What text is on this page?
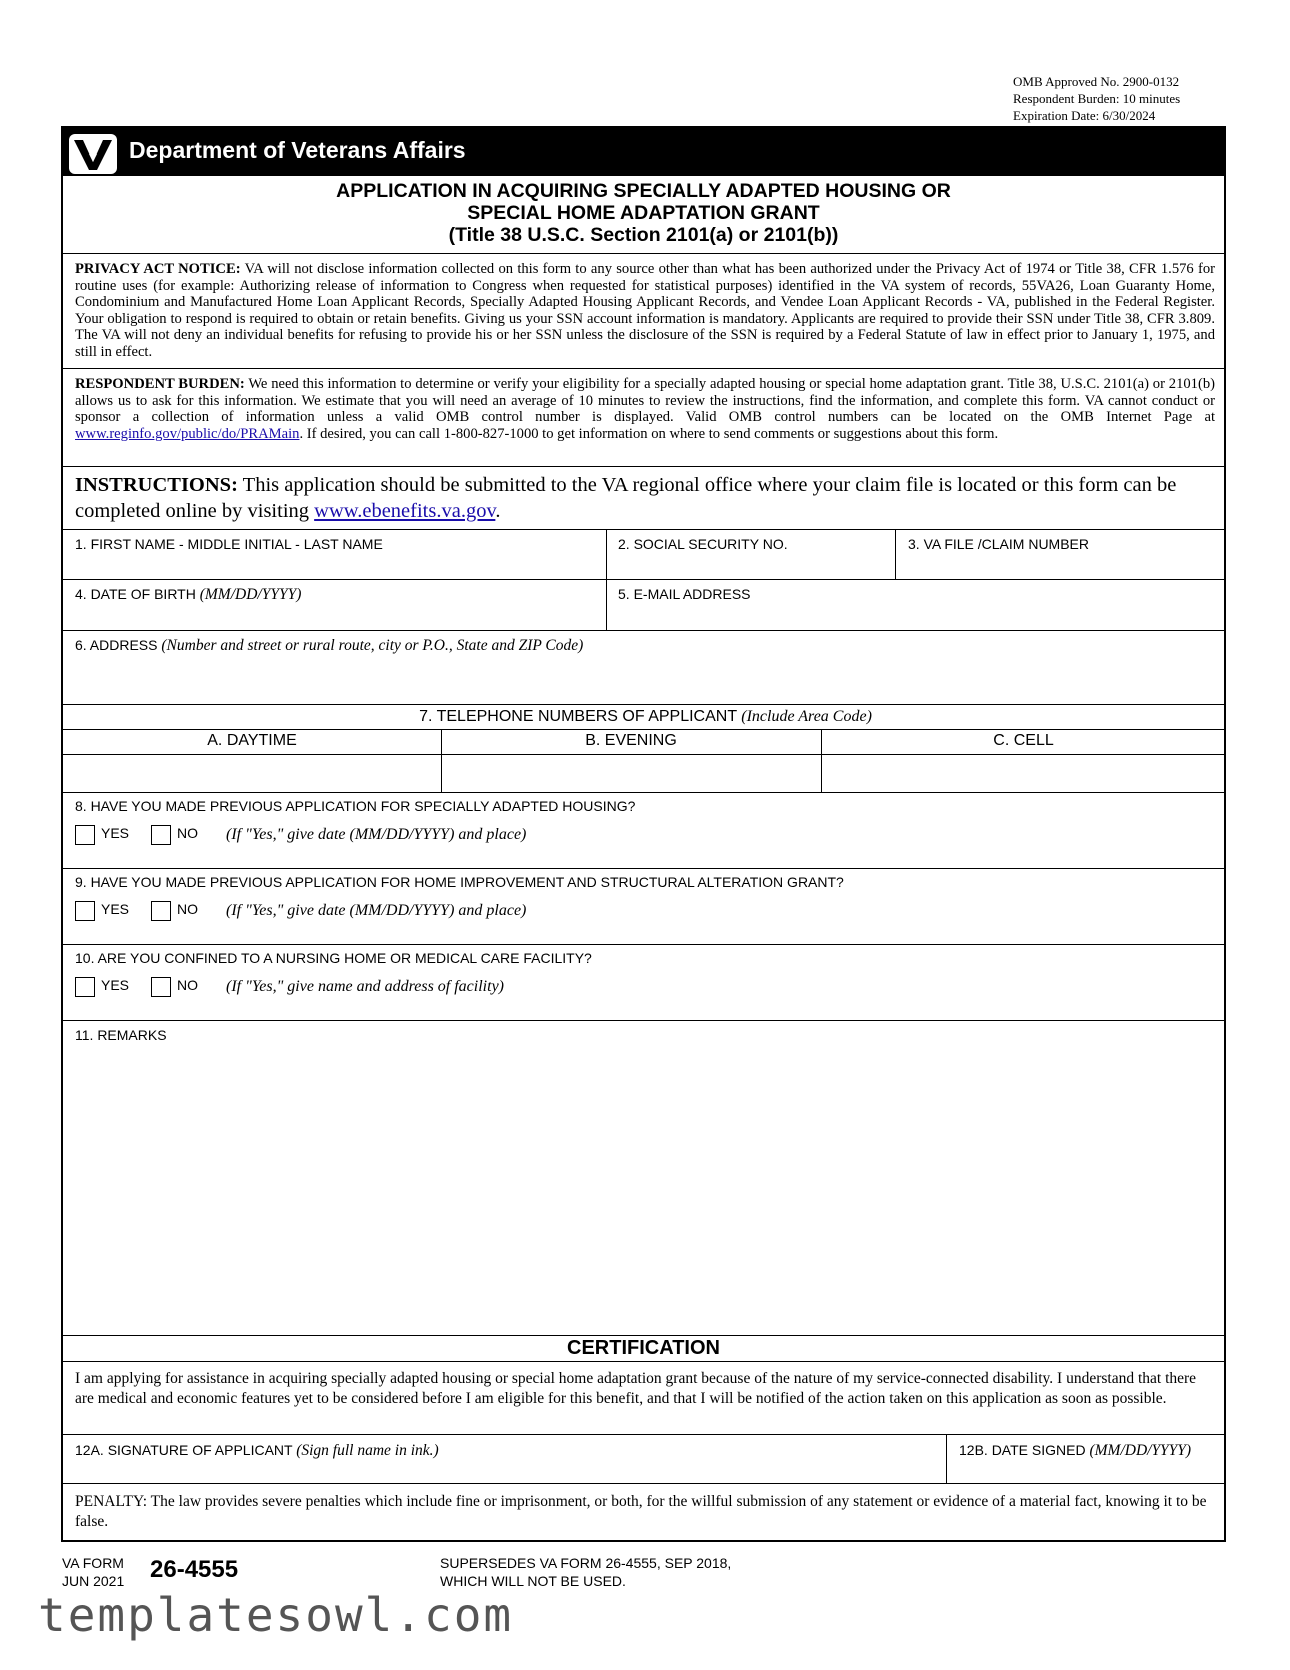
OMB Approved No. 2900-0132
Respondent Burden: 10 minutes
Expiration Date: 6/30/2024
Department of Veterans Affairs
APPLICATION IN ACQUIRING SPECIALLY ADAPTED HOUSING OR
SPECIAL HOME ADAPTATION GRANT
(Title 38 U.S.C. Section 2101(a) or 2101(b))
PRIVACY ACT NOTICE: VA will not disclose information collected on this form to any source other than what has been authorized under the Privacy Act of 1974 or Title 38, CFR 1.576 for routine uses (for example: Authorizing release of information to Congress when requested for statistical purposes) identified in the VA system of records, 55VA26, Loan Guaranty Home, Condominium and Manufactured Home Loan Applicant Records, Specially Adapted Housing Applicant Records, and Vendee Loan Applicant Records - VA, published in the Federal Register. Your obligation to respond is required to obtain or retain benefits. Giving us your SSN account information is mandatory. Applicants are required to provide their SSN under Title 38, CFR 3.809. The VA will not deny an individual benefits for refusing to provide his or her SSN unless the disclosure of the SSN is required by a Federal Statute of law in effect prior to January 1, 1975, and still in effect.
RESPONDENT BURDEN: We need this information to determine or verify your eligibility for a specially adapted housing or special home adaptation grant. Title 38, U.S.C. 2101(a) or 2101(b) allows us to ask for this information. We estimate that you will need an average of 10 minutes to review the instructions, find the information, and complete this form. VA cannot conduct or sponsor a collection of information unless a valid OMB control number is displayed. Valid OMB control numbers can be located on the OMB Internet Page at www.reginfo.gov/public/do/PRAMain. If desired, you can call 1-800-827-1000 to get information on where to send comments or suggestions about this form.
INSTRUCTIONS: This application should be submitted to the VA regional office where your claim file is located or this form can be completed online by visiting www.ebenefits.va.gov.
1. FIRST NAME - MIDDLE INITIAL - LAST NAME	2. SOCIAL SECURITY NO.	3. VA FILE /CLAIM NUMBER
4. DATE OF BIRTH (MM/DD/YYYY)	5. E-MAIL ADDRESS
6. ADDRESS (Number and street or rural route, city or P.O., State and ZIP Code)
7. TELEPHONE NUMBERS OF APPLICANT (Include Area Code)
A. DAYTIME	B. EVENING	C. CELL
8. HAVE YOU MADE PREVIOUS APPLICATION FOR SPECIALLY ADAPTED HOUSING?
YES	NO (If "Yes," give date (MM/DD/YYYY) and place)
9. HAVE YOU MADE PREVIOUS APPLICATION FOR HOME IMPROVEMENT AND STRUCTURAL ALTERATION GRANT?
YES	NO (If "Yes," give date (MM/DD/YYYY) and place)
10. ARE YOU CONFINED TO A NURSING HOME OR MEDICAL CARE FACILITY?
YES	NO (If "Yes," give name and address of facility)
11. REMARKS
CERTIFICATION
I am applying for assistance in acquiring specially adapted housing or special home adaptation grant because of the nature of my service-connected disability. I understand that there are medical and economic features yet to be considered before I am eligible for this benefit, and that I will be notified of the action taken on this application as soon as possible.
12A. SIGNATURE OF APPLICANT (Sign full name in ink.)	12B. DATE SIGNED (MM/DD/YYYY)
PENALTY: The law provides severe penalties which include fine or imprisonment, or both, for the willful submission of any statement or evidence of a material fact, knowing it to be false.
VA FORM
JUN 2021 26-4555	SUPERSEDES VA FORM 26-4555, SEP 2018,
WHICH WILL NOT BE USED.
templatesowl.com
